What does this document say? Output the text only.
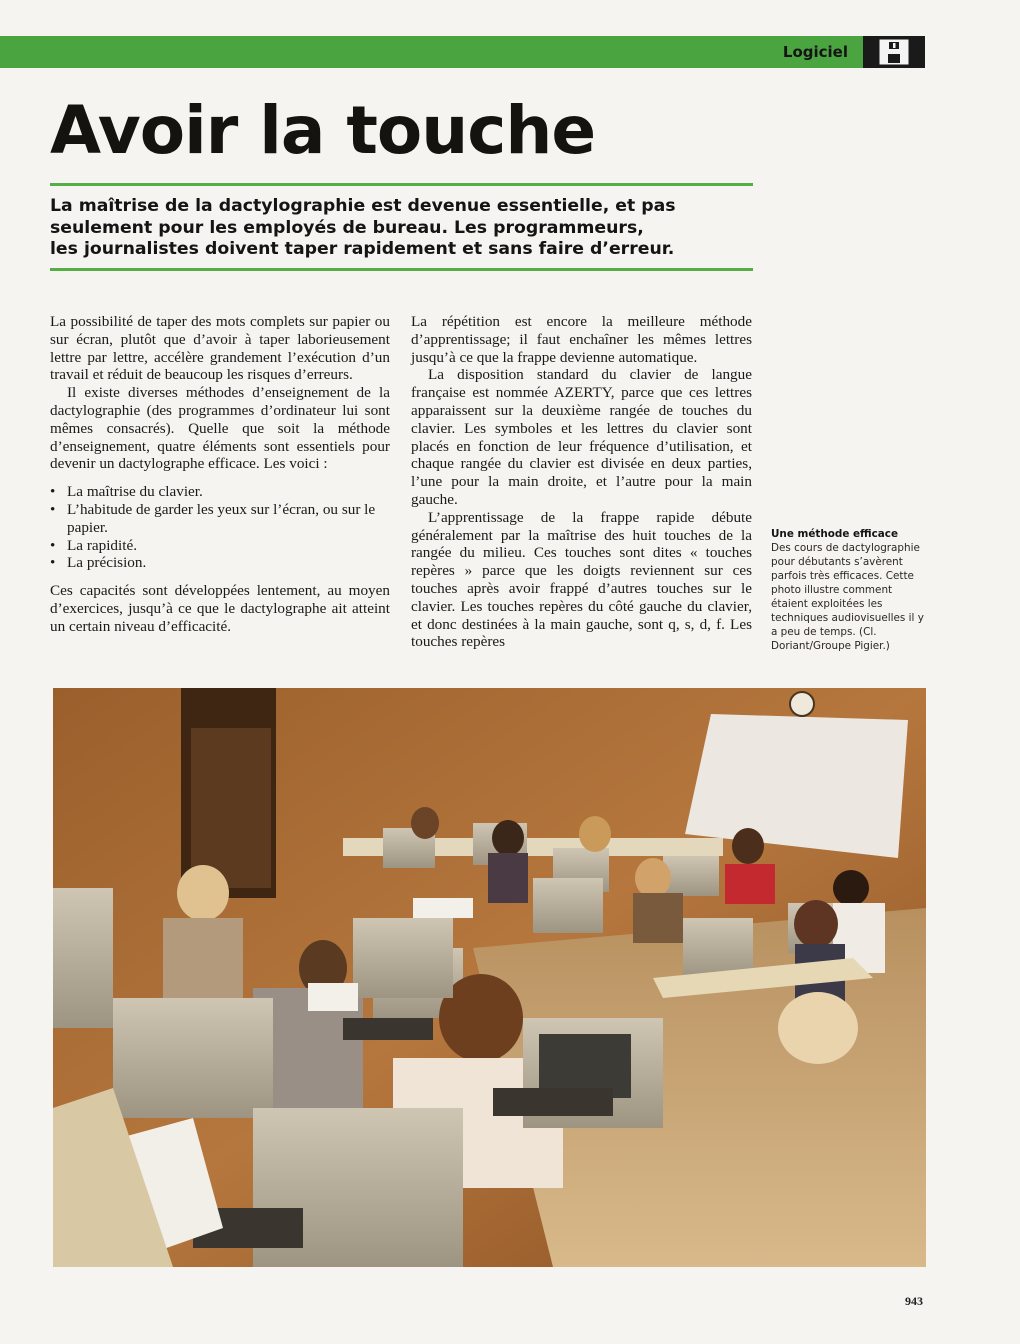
Logiciel
Avoir la touche
La maîtrise de la dactylographie est devenue essentielle, et pas
seulement pour les employés de bureau. Les programmeurs,
les journalistes doivent taper rapidement et sans faire d’erreur.

La possibilité de taper des mots complets sur papier ou sur écran, plutôt que d’avoir à taper laborieusement lettre par lettre, accélère grandement l’exécution d’un travail et réduit de beaucoup les risques d’erreurs.

Il existe diverses méthodes d’enseignement de la dactylographie (des programmes d’ordinateur lui sont mêmes consacrés). Quelle que soit la méthode d’enseignement, quatre éléments sont essentiels pour devenir un dactylographe efficace. Les voici :

• La maîtrise du clavier.
• L’habitude de garder les yeux sur l’écran, ou sur le papier.
• La rapidité.
• La précision.

Ces capacités sont développées lentement, au moyen d’exercices, jusqu’à ce que le dactylographe ait atteint un certain niveau d’efficacité.

La répétition est encore la meilleure méthode d’apprentissage; il faut enchaîner les mêmes lettres jusqu’à ce que la frappe devienne automatique.

La disposition standard du clavier de langue française est nommée AZERTY, parce que ces lettres apparaissent sur la deuxième rangée de touches du clavier. Les symboles et les lettres du clavier sont placés en fonction de leur fréquence d’utilisation, et chaque rangée du clavier est divisée en deux parties, l’une pour la main droite, et l’autre pour la main gauche.

L’apprentissage de la frappe rapide débute généralement par la maîtrise des huit touches de la rangée du milieu. Ces touches sont dites « touches repères » parce que les doigts reviennent sur ces touches après avoir frappé d’autres touches sur le clavier. Les touches repères du côté gauche du clavier, et donc destinées à la main gauche, sont q, s, d, f. Les touches repères

Une méthode efficace
Des cours de dactylographie pour débutants s’avèrent parfois très efficaces. Cette photo illustre comment étaient exploitées les techniques audiovisuelles il y a peu de temps. (Cl. Doriant/Groupe Pigier.)
943
